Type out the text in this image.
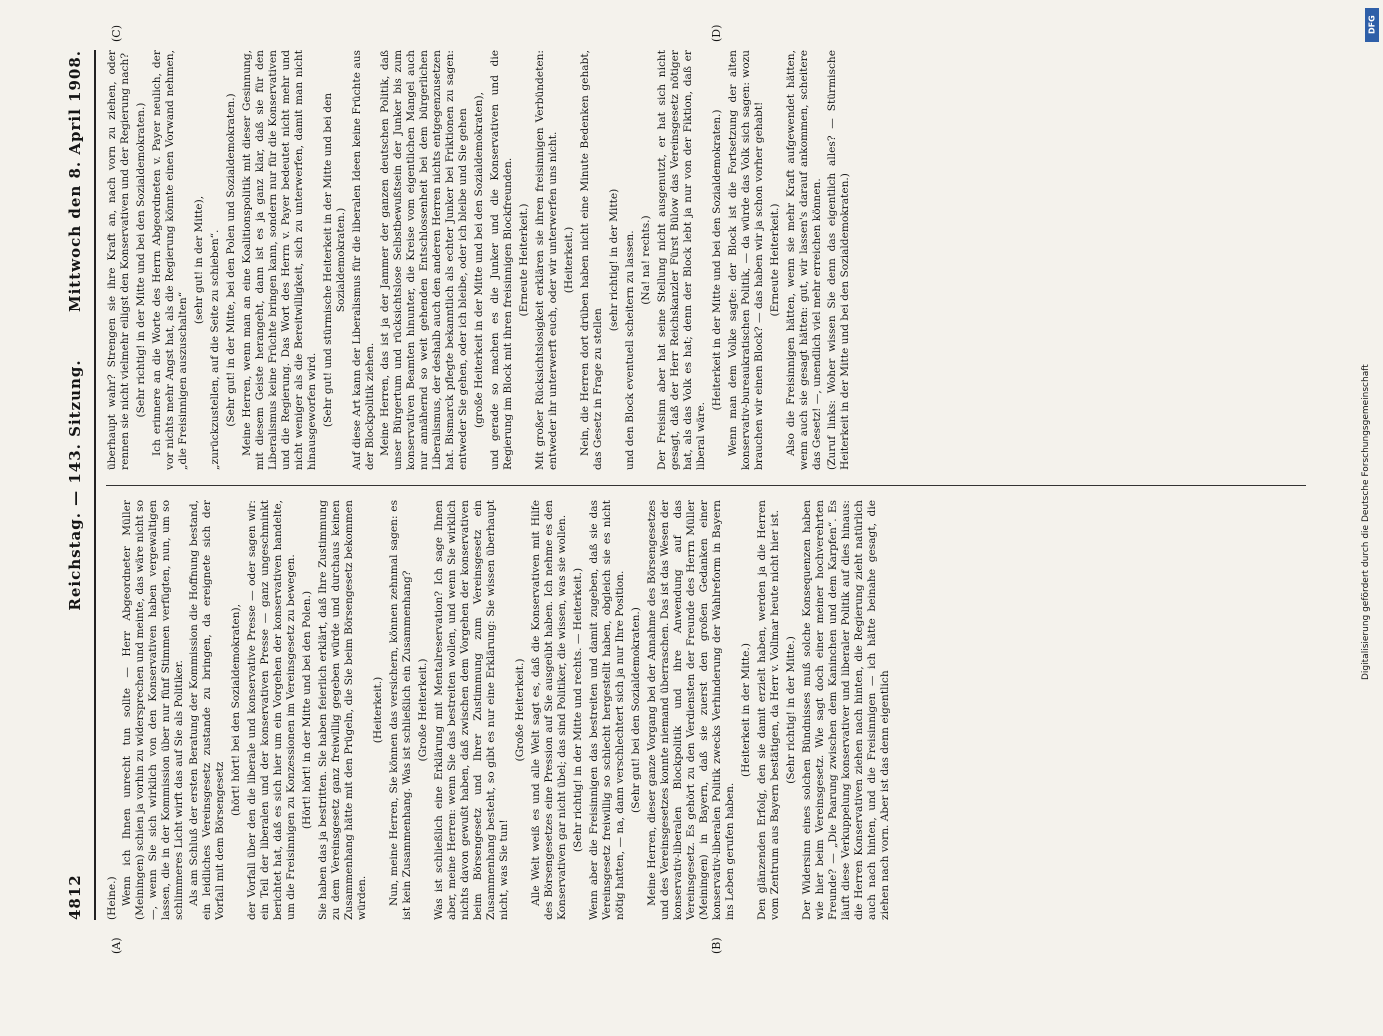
4812
Reichstag. — 143. Sitzung.
Mittwoch den 8. April 1908.
(A)	(B)
(C)	(D)

(Heine.) Wenn ich Ihnen unrecht tun sollte — Herr Abgeordneter Müller (Meiningen) schien ja vorhin zu widersprechen und meinte, das wäre nicht so —, wenn Sie sich wirklich von den Konservativen haben vergewaltigen lassen, die in der Kommission über nur fünf Stimmen verfügten, nun, um so schlimmeres Licht wirft das auf Sie als Politiker. Als am Schluß der ersten Beratung der Kommission die Hoffnung bestand, ein leidliches Vereinsgesetz zustande zu bringen, da ereignete sich der Vorfall mit dem Börsengesetz

(hört! hört! bei den Sozialdemokraten), der Vorfall über den die liberale und konservative Presse — oder sagen wir: ein Teil der liberalen und der konservativen Presse — ganz ungeschminkt berichtet hat, daß es sich hier um ein Vorgehen der konservativen handelte, um die Freisinnigen zu Konzessionen im Vereinsgesetz zu bewegen. (Hört! hört! in der Mitte und bei den Polen.) Sie haben das ja bestritten. Sie haben feierlich erklärt, daß Ihre Zustimmung zu dem Vereinsgesetz ganz freiwillig gegeben würde und durchaus keinen Zusammenhang hätte mit den Prügeln, die Sie beim Börsengesetz bekommen würden.

(Heiterkeit.) Nun, meine Herren, Sie können das versichern, können zehnmal sagen: es ist kein Zusammenhang. Was ist schließlich ein Zusammenhang? (Große Heiterkeit.) Was ist schließlich eine Erklärung mit Mentalreservation? Ich sage Ihnen aber, meine Herren: wenn Sie das bestreiten wollen, und wenn Sie wirklich nichts davon gewußt haben, daß zwischen dem Vorgehen der konservativen beim Börsengesetz und Ihrer Zustimmung zum Vereinsgesetz ein Zusammenhang besteht, so gibt es nur eine Erklärung: Sie wissen überhaupt nicht, was Sie tun!

(Große Heiterkeit.) Alle Welt weiß es und alle Welt sagt es, daß die Konservativen mit Hilfe des Börsengesetzes eine Pression auf Sie ausgeübt haben. Ich nehme es den Konservativen gar nicht übel; das sind Politiker, die wissen, was sie wollen. (Sehr richtig! in der Mitte und rechts. — Heiterkeit.) Wenn aber die Freisinnigen das bestreiten und damit zugeben, daß sie das Vereinsgesetz freiwillig so schlecht hergestellt haben, obgleich sie es nicht nötig hatten, — na, dann verschlechtert sich ja nur Ihre Position. (Sehr gut! bei den Sozialdemokraten.) Meine Herren, dieser ganze Vorgang bei der Annahme des Börsengesetzes und des Vereinsgesetzes konnte niemand überraschen. Das ist das Wesen der konservativ-liberalen Blockpolitik und ihre Anwendung auf das Vereinsgesetz. Es gehört zu den Verdiensten der Freunde des Herrn Müller (Meiningen) in Bayern, daß sie zuerst den großen Gedanken einer konservativ-liberalen Politik zwecks Verhinderung der Wahlreform in Bayern ins Leben gerufen haben.

(Heiterkeit in der Mitte.) Den glänzenden Erfolg, den sie damit erzielt haben, werden ja die Herren vom Zentrum aus Bayern bestätigen, da Herr v. Vollmar heute nicht hier ist. (Sehr richtig! in der Mitte.) Der Widersinn eines solchen Bündnisses muß solche Konsequenzen haben wie hier beim Vereinsgesetz. Wie sagt doch einer meiner hochverehrten Freunde? — „Die Paarung zwischen dem Kaninchen und dem Karpfen“. Es läuft diese Verkuppelung konservativer und liberaler Politik auf dies hinaus: die Herren Konservativen ziehen nach hinten, die Regierung zieht natürlich auch nach hinten, und die Freisinnigen — ich hätte beinahe gesagt, die ziehen nach vorn. Aber ist das denn eigentlich

überhaupt wahr? Strengen sie ihre Kraft an, nach vorn zu ziehen, oder rennen sie nicht vielmehr eiligst den Konservativen und der Regierung nach? (Sehr richtig! in der Mitte und bei den Sozialdemokraten.) Ich erinnere an die Worte des Herrn Abgeordneten v. Payer neulich, der vor nichts mehr Angst hat, als die Regierung könnte einen Vorwand nehmen, „die Freisinnigen auszuschalten“

(sehr gut! in der Mitte), „zurückzustellen, auf die Seite zu schieben“. (Sehr gut! in der Mitte, bei den Polen und Sozialdemokraten.) Meine Herren, wenn man an eine Koalitionspolitik mit dieser Gesinnung, mit diesem Geiste herangeht, dann ist es ja ganz klar, daß sie für den Liberalismus keine Früchte bringen kann, sondern nur für die Konservativen und die Regierung. Das Wort des Herrn v. Payer bedeutet nicht mehr und nicht weniger als die Bereitwilligkeit, sich zu unterwerfen, damit man nicht hinausgeworfen wird. (Sehr gut! und stürmische Heiterkeit in der Mitte und bei den Sozialdemokraten.) Auf diese Art kann der Liberalismus für die liberalen Ideen keine Früchte aus der Blockpolitik ziehen. Meine Herren, das ist ja der Jammer der ganzen deutschen Politik, daß unser Bürgertum und rücksichtslose Selbstbewußtsein der Junker bis zum konservativen Beamten hinunter, die Kreise vom eigentlichen Mangel auch nur annähernd so weit gehenden Entschlossenheit bei dem bürgerlichen Liberalismus, der deshalb auch den anderen Herren nichts entgegenzusetzen hat. Bismarck pflegte bekanntlich als echter Junker bei Friktionen zu sagen: entweder Sie gehen, oder ich bleibe, oder ich bleibe und Sie gehen (große Heiterkeit in der Mitte und bei den Sozialdemokraten), und gerade so machen es die Junker und die Konservativen und die Regierung im Block mit ihren freisinnigen Blockfreunden. (Erneute Heiterkeit.) Mit großer Rücksichtslosigkeit erklären sie ihren freisinnigen Verbündeten: entweder ihr unterwerft euch, oder wir unterwerfen uns nicht. (Heiterkeit.) Nein, die Herren dort drüben haben nicht eine Minute Bedenken gehabt, das Gesetz in Frage zu stellen

(sehr richtig! in der Mitte) und den Block eventuell scheitern zu lassen. (Na! na! rechts.) Der Freisinn aber hat seine Stellung nicht ausgenutzt, er hat sich nicht gesagt, daß der Herr Reichskanzler Fürst Bülow das Vereinsgesetz nötiger hat, als das Volk es hat; denn der Block lebt ja nur von der Fiktion, daß er liberal wäre.

(Heiterkeit in der Mitte und bei den Sozialdemokraten.) Wenn man dem Volke sagte: der Block ist die Fortsetzung der alten konservativ-bureaukratischen Politik, — da würde das Volk sich sagen: wozu brauchen wir einen Block? — das haben wir ja schon vorher gehabt! (Erneute Heiterkeit.) Also die Freisinnigen hätten, wenn sie mehr Kraft aufgewendet hätten, wenn auch sie gesagt hätten: gut, wir lassen's darauf ankommen, scheitere das Gesetz! —, unendlich viel mehr erreichen können. (Zuruf links: Woher wissen Sie denn das eigentlich alles? — Stürmische Heiterkeit in der Mitte und bei den Sozialdemokraten.)

DFG
Digitalisierung gefördert durch die Deutsche Forschungsgemeinschaft
